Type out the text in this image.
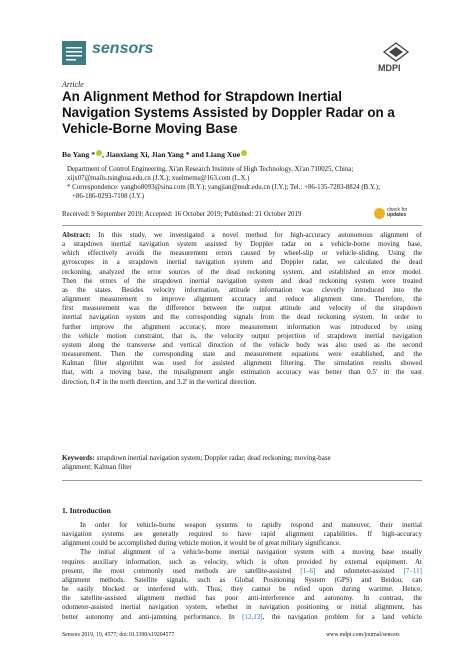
sensors
MDPI
Article
An Alignment Method for Strapdown Inertial
Navigation Systems Assisted by Doppler Radar on a
Vehicle-Borne Moving Base
Bo Yang * , Jianxiang Xi, Jian Yang * and Liang Xue
Department of Control Engineering, Xi'an Research Institute of High Technology, Xi'an 710025, China;
xijx07@mails.tsinghua.edu.cn (J.X.); xuelmems@163.com (L.X.)
* Correspondence: yangbo8093@sina.com (B.Y.); yangjian@nudt.edu.cn (J.Y.); Tel.: +86-135-7283-8824 (B.Y.);
+86-186-0293-7108 (J.Y.)
Received: 9 September 2019; Accepted: 16 October 2019; Published: 21 October 2019
check for
updates
Abstract: In this study, we investigated a novel method for high-accuracy autonomous alignment of
a strapdown inertial navigation system assisted by Doppler radar on a vehicle-borne moving base,
which effectively avoids the measurement errors caused by wheel-slip or vehicle-sliding. Using the
gyroscopes in a strapdown inertial navigation system and Doppler radar, we calculated the dead
reckoning, analyzed the error sources of the dead reckoning system, and established an error model.
Then the errors of the strapdown inertial navigation system and dead reckoning system were treated
as the states. Besides velocity information, attitude information was cleverly introduced into the
alignment measurement to improve alignment accuracy and reduce alignment time. Therefore, the
first measurement was the difference between the output attitude and velocity of the strapdown
inertial navigation system and the corresponding signals from the dead reckoning system. In order to
further improve the alignment accuracy, more measurement information was introduced by using
the vehicle motion constraint, that is, the velocity output projection of strapdown inertial navigation
system along the transverse and vertical direction of the vehicle body was also used as the second
measurement. Then the corresponding state and measurement equations were established, and the
Kalman filter algorithm was used for assisted alignment filtering. The simulation results showed
that, with a moving base, the misalignment angle estimation accuracy was better than 0.5' in the east
direction, 0.4' in the north direction, and 3.2' in the vertical direction.
Keywords: strapdown inertial navigation system; Doppler radar; dead reckoning; moving-base
alignment; Kalman filter
1. Introduction
In order for vehicle-borne weapon systems to rapidly respond and maneuver, their inertial
navigation systems are generally required to have rapid alignment capabilities. If high-accuracy
alignment could be accomplished during vehicle motion, it would be of great military significance.
The initial alignment of a vehicle-borne inertial navigation system with a moving base usually
requires auxiliary information, such as velocity, which is often provided by external equipment. At
present, the most commonly used methods are satellite-assisted [1–6] and odometer-assisted [7–11]
alignment methods. Satellite signals, such as Global Positioning System (GPS) and Beidou, can
be easily blocked or interfered with. Thus, they cannot be relied upon during wartime. Hence,
the satellite-assisted alignment method has poor anti-interference and autonomy. In contrast, the
odometer-assisted inertial navigation system, whether in navigation positioning or initial alignment, has
better autonomy and anti-jamming performance. In [12,13], the navigation problem for a land vehicle
Sensors 2019, 19, 4577; doi:10.3390/s19204577	www.mdpi.com/journal/sensors
